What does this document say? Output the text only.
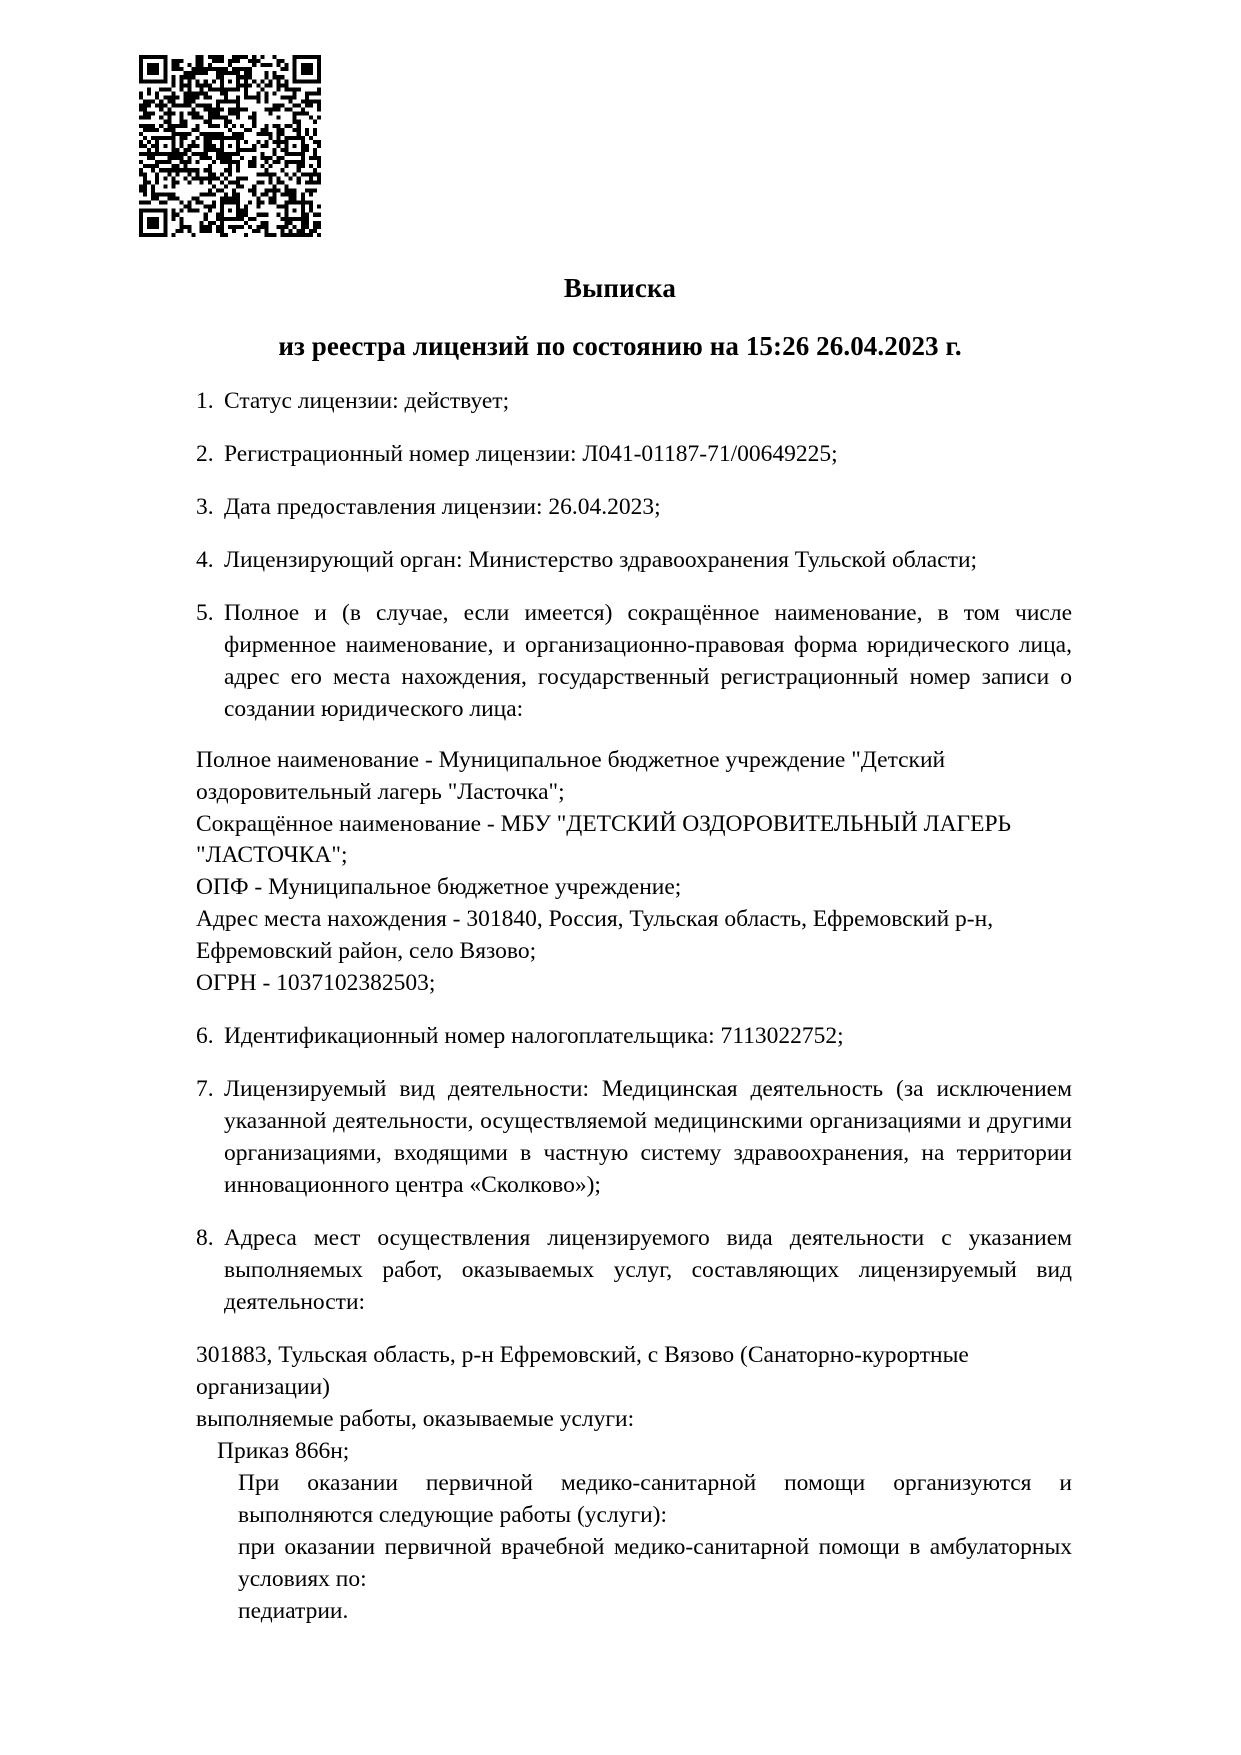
Выписка
из реестра лицензий по состоянию на 15:26 26.04.2023 г.
1. Статус лицензии: действует;
2. Регистрационный номер лицензии: Л041-01187-71/00649225;
3. Дата предоставления лицензии: 26.04.2023;
4. Лицензирующий орган: Министерство здравоохранения Тульской области;
5. Полное и (в случае, если имеется) сокращённое наименование, в том числе фирменное наименование, и организационно-правовая форма юридического лица, адрес его места нахождения, государственный регистрационный номер записи о создании юридического лица:
Полное наименование - Муниципальное бюджетное учреждение "Детский оздоровительный лагерь "Ласточка";
Сокращённое наименование - МБУ "ДЕТСКИЙ ОЗДОРОВИТЕЛЬНЫЙ ЛАГЕРЬ "ЛАСТОЧКА";
ОПФ - Муниципальное бюджетное учреждение;
Адрес места нахождения - 301840, Россия, Тульская область, Ефремовский р-н, Ефремовский район, село Вязово;
ОГРН - 1037102382503;
6. Идентификационный номер налогоплательщика: 7113022752;
7. Лицензируемый вид деятельности: Медицинская деятельность (за исключением указанной деятельности, осуществляемой медицинскими организациями и другими организациями, входящими в частную систему здравоохранения, на территории инновационного центра «Сколково»);
8. Адреса мест осуществления лицензируемого вида деятельности с указанием выполняемых работ, оказываемых услуг, составляющих лицензируемый вид деятельности:
301883, Тульская область, р-н Ефремовский, с Вязово (Санаторно-курортные организации)
выполняемые работы, оказываемые услуги:
Приказ 866н;
При оказании первичной медико-санитарной помощи организуются и выполняются следующие работы (услуги):
при оказании первичной врачебной медико-санитарной помощи в амбулаторных условиях по:
педиатрии.
